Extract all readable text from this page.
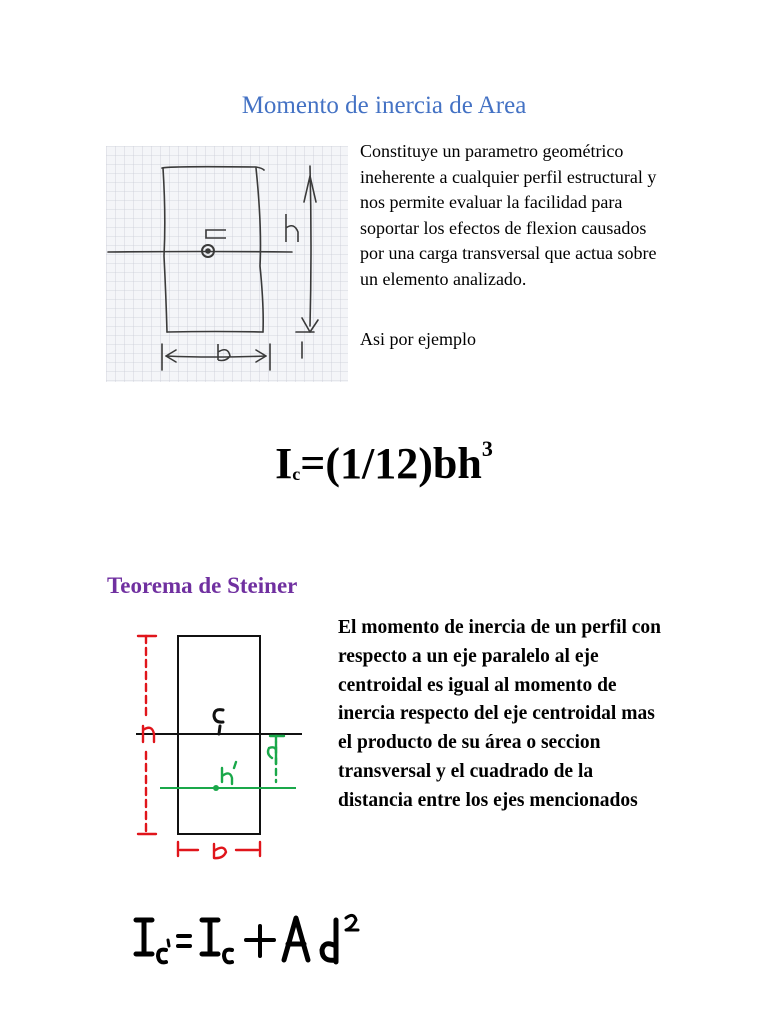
Momento de inercia de Area

Constituye un parametro geométrico ineherente a cualquier perfil estructural y nos permite evaluar la facilidad para soportar los efectos de flexion causados por una carga transversal que actua sobre un elemento analizado.

Asi por ejemplo

$Ic=(1/12)bh^3$
Teorema de Steiner

El momento de inercia de un perfil con respecto a un eje paralelo al eje centroidal es igual al momento de inercia respecto del eje centroidal mas el producto de su área o seccion transversal y el cuadrado de la distancia entre los ejes mencionados
